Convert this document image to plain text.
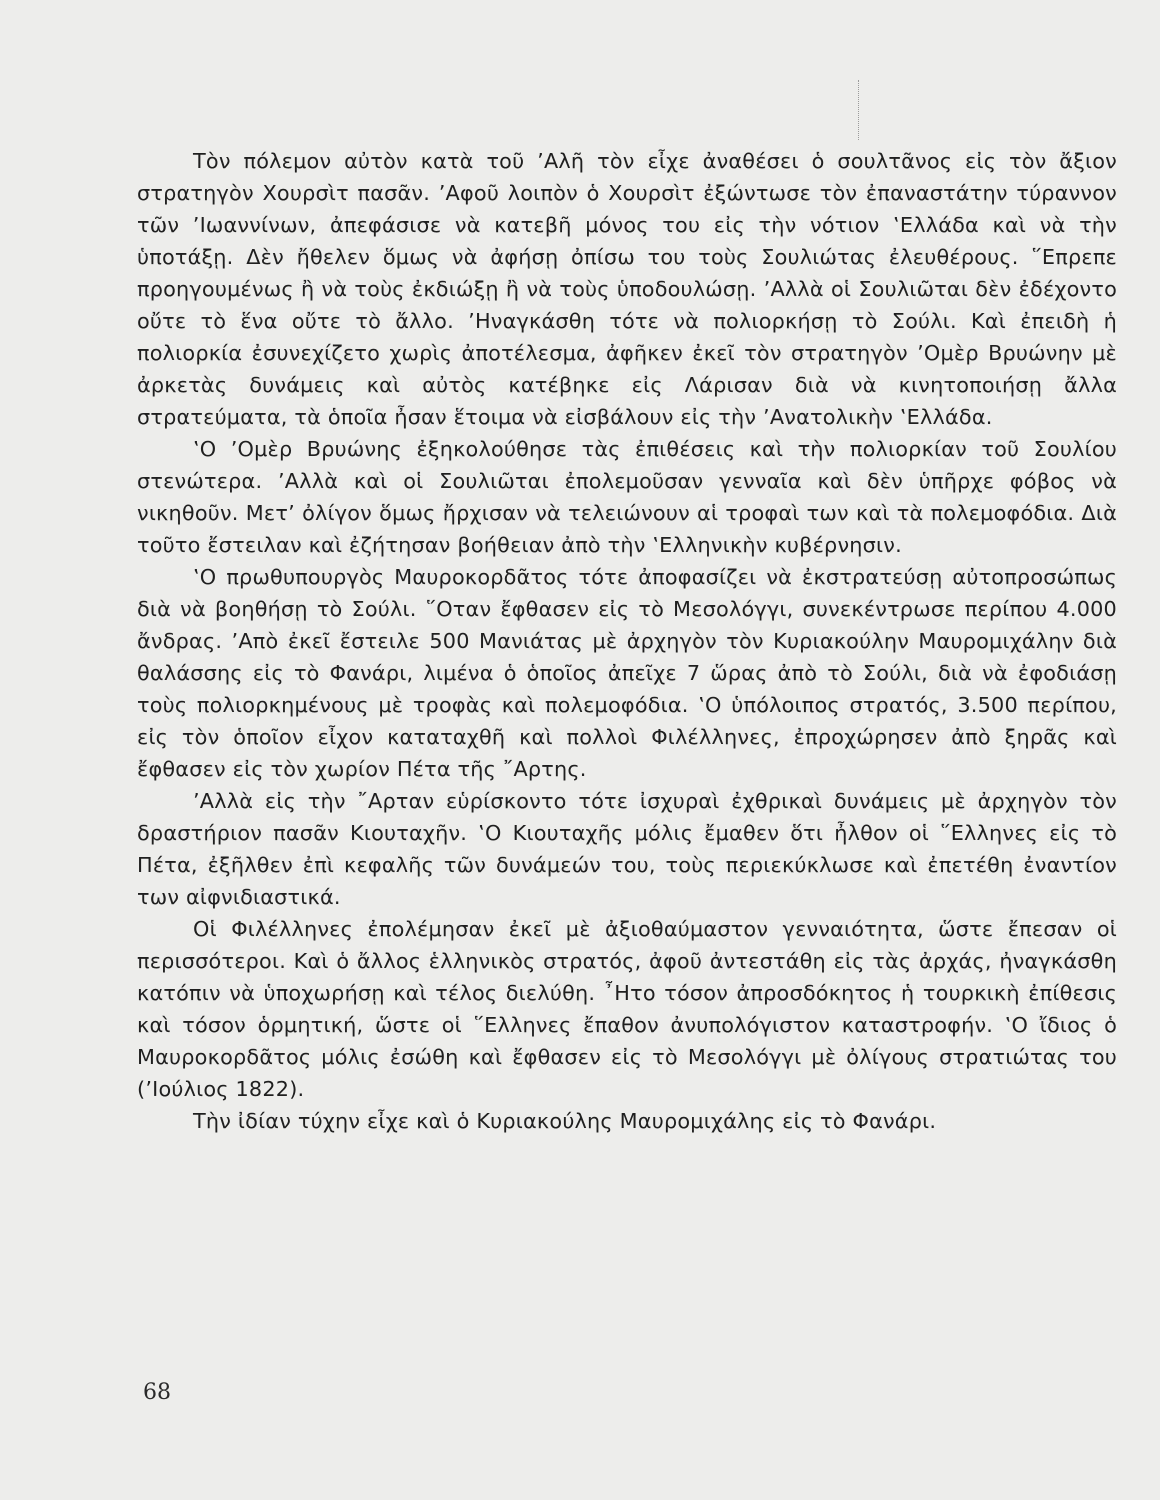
Τὸν πόλεμον αὐτὸν κατὰ τοῦ ’Αλῆ τὸν εἶχε ἀναθέσει ὁ σουλτᾶνος εἰς τὸν ἄξιον στρατηγὸν Χουρσὶτ πασᾶν. ’Αφοῦ λοιπὸν ὁ Χουρσὶτ ἐξώντωσε τὸν ἐπαναστάτην τύραννον τῶν ’Ιωαννίνων, ἀπεφάσισε νὰ κατεβῆ μόνος του εἰς τὴν νότιον ‛Ελλάδα καὶ νὰ τὴν ὑποτάξῃ. Δὲν ἤθελεν ὅμως νὰ ἀφήσῃ ὀπίσω του τοὺς Σουλιώτας ἐλευθέρους. ῞Επρεπε προηγουμένως ἢ νὰ τοὺς ἐκδιώξῃ ἢ νὰ τοὺς ὑποδουλώσῃ. ’Αλλὰ οἱ Σουλιῶται δὲν ἐδέχοντο οὔτε τὸ ἕνα οὔτε τὸ ἄλλο. ’Ηναγκάσθη τότε νὰ πολιορκήσῃ τὸ Σούλι. Καὶ ἐπειδὴ ἡ πολιορκία ἐσυνεχίζετο χωρὶς ἀποτέλεσμα, ἀφῆκεν ἐκεῖ τὸν στρατηγὸν ’Ομὲρ Βρυώνην μὲ ἀρκετὰς δυνάμεις καὶ αὐτὸς κατέβηκε εἰς Λάρισαν διὰ νὰ κινητοποιήσῃ ἄλλα στρατεύματα, τὰ ὁποῖα ἦσαν ἕτοιμα νὰ εἰσβάλουν εἰς τὴν ’Ανατολικὴν ‛Ελλάδα.

‛Ο ’Ομὲρ Βρυώνης ἐξηκολούθησε τὰς ἐπιθέσεις καὶ τὴν πολιορκίαν τοῦ Σουλίου στενώτερα. ’Αλλὰ καὶ οἱ Σουλιῶται ἐπολεμοῦσαν γενναῖα καὶ δὲν ὑπῆρχε φόβος νὰ νικηθοῦν. Μετ’ ὀλίγον ὅμως ἤρχισαν νὰ τελειώνουν αἱ τροφαὶ των καὶ τὰ πολεμοφόδια. Διὰ τοῦτο ἔστειλαν καὶ ἐζήτησαν βοήθειαν ἀπὸ τὴν ‛Ελληνικὴν κυβέρνησιν.

‛Ο πρωθυπουργὸς Μαυροκορδᾶτος τότε ἀποφασίζει νὰ ἐκστρατεύσῃ αὐτοπροσώπως διὰ νὰ βοηθήσῃ τὸ Σούλι. ῞Οταν ἔφθασεν εἰς τὸ Μεσολόγγι, συνεκέντρωσε περίπου 4.000 ἄνδρας. ’Απὸ ἐκεῖ ἔστειλε 500 Μανιάτας μὲ ἀρχηγὸν τὸν Κυριακούλην Μαυρομιχάλην διὰ θαλάσσης εἰς τὸ Φανάρι, λιμένα ὁ ὁποῖος ἀπεῖχε 7 ὥρας ἀπὸ τὸ Σούλι, διὰ νὰ ἐφοδιάσῃ τοὺς πολιορκημένους μὲ τροφὰς καὶ πολεμοφόδια. ‛Ο ὑπόλοιπος στρατός, 3.500 περίπου, εἰς τὸν ὁποῖον εἶχον καταταχθῆ καὶ πολλοὶ Φιλέλληνες, ἐπροχώρησεν ἀπὸ ξηρᾶς καὶ ἔφθασεν εἰς τὸν χωρίον Πέτα τῆς ῎Αρτης.

’Αλλὰ εἰς τὴν ῎Αρταν εὑρίσκοντο τότε ἰσχυραὶ ἐχθρικαὶ δυνάμεις μὲ ἀρχηγὸν τὸν δραστήριον πασᾶν Κιουταχῆν. ‛Ο Κιουταχῆς μόλις ἔμαθεν ὅτι ἦλθον οἱ ῞Ελληνες εἰς τὸ Πέτα, ἐξῆλθεν ἐπὶ κεφαλῆς τῶν δυνάμεών του, τοὺς περιεκύκλωσε καὶ ἐπετέθη ἐναντίον των αἰφνιδιαστικά.

Οἱ Φιλέλληνες ἐπολέμησαν ἐκεῖ μὲ ἀξιοθαύμαστον γενναιότητα, ὥστε ἔπεσαν οἱ περισσότεροι. Καὶ ὁ ἄλλος ἑλληνικὸς στρατός, ἀφοῦ ἀντεστάθη εἰς τὰς ἀρχάς, ἠναγκάσθη κατόπιν νὰ ὑποχωρήσῃ καὶ τέλος διελύθη. ῏Ητο τόσον ἀπροσδόκητος ἡ τουρκικὴ ἐπίθεσις καὶ τόσον ὁρμητική, ὥστε οἱ ῞Ελληνες ἔπαθον ἀνυπολόγιστον καταστροφήν. ‛Ο ἴδιος ὁ Μαυροκορδᾶτος μόλις ἐσώθη καὶ ἔφθασεν εἰς τὸ Μεσολόγγι μὲ ὀλίγους στρατιώτας του (’Ιούλιος 1822).

Τὴν ἰδίαν τύχην εἶχε καὶ ὁ Κυριακούλης Μαυρομιχάλης εἰς τὸ Φανάρι.

68
